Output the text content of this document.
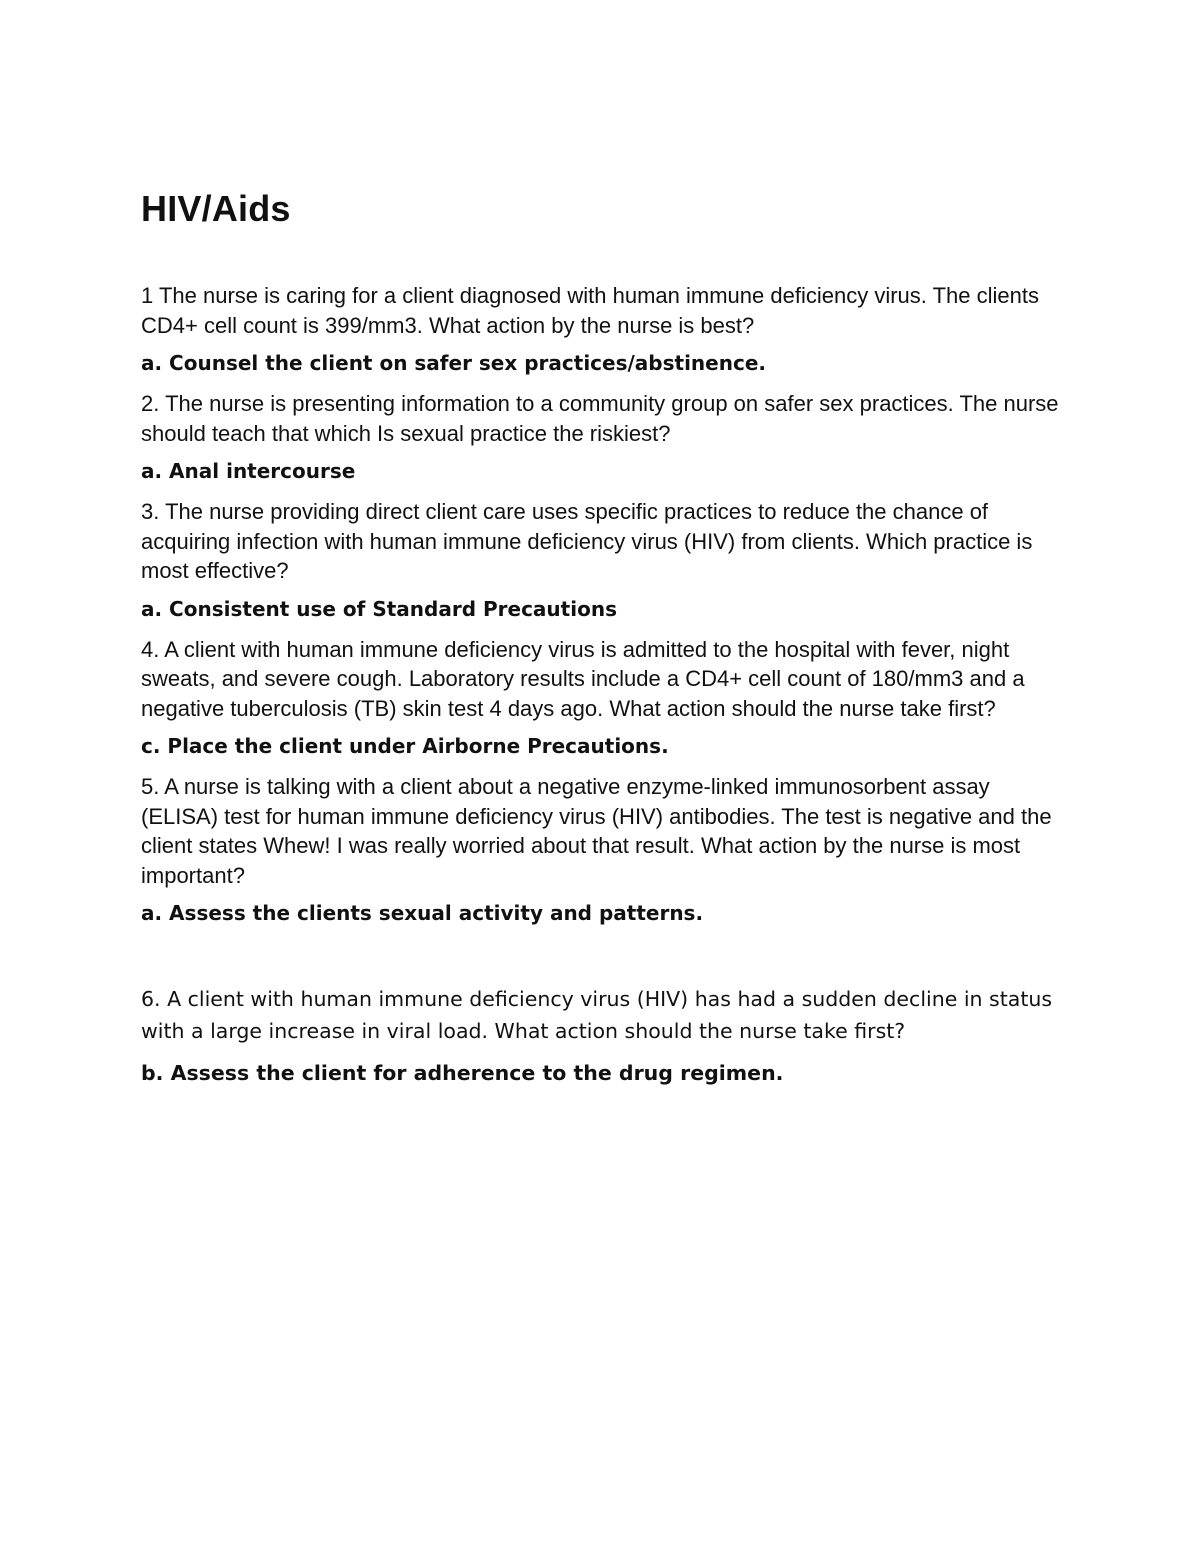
HIV/Aids

1 The nurse is caring for a client diagnosed with human immune deficiency virus. The clients CD4+ cell count is 399/mm3. What action by the nurse is best?

a. Counsel the client on safer sex practices/abstinence.

2. The nurse is presenting information to a community group on safer sex practices. The nurse should teach that which Is sexual practice the riskiest?

a. Anal intercourse

3. The nurse providing direct client care uses specific practices to reduce the chance of acquiring infection with human immune deficiency virus (HIV) from clients. Which practice is most effective?

a. Consistent use of Standard Precautions

4. A client with human immune deficiency virus is admitted to the hospital with fever, night sweats, and severe cough. Laboratory results include a CD4+ cell count of 180/mm3 and a negative tuberculosis (TB) skin test 4 days ago. What action should the nurse take first?

c. Place the client under Airborne Precautions.

5. A nurse is talking with a client about a negative enzyme-linked immunosorbent assay (ELISA) test for human immune deficiency virus (HIV) antibodies. The test is negative and the client states Whew! I was really worried about that result. What action by the nurse is most important?

a. Assess the clients sexual activity and patterns.

6. A client with human immune deficiency virus (HIV) has had a sudden decline in status with a large increase in viral load. What action should the nurse take first?

b. Assess the client for adherence to the drug regimen.
